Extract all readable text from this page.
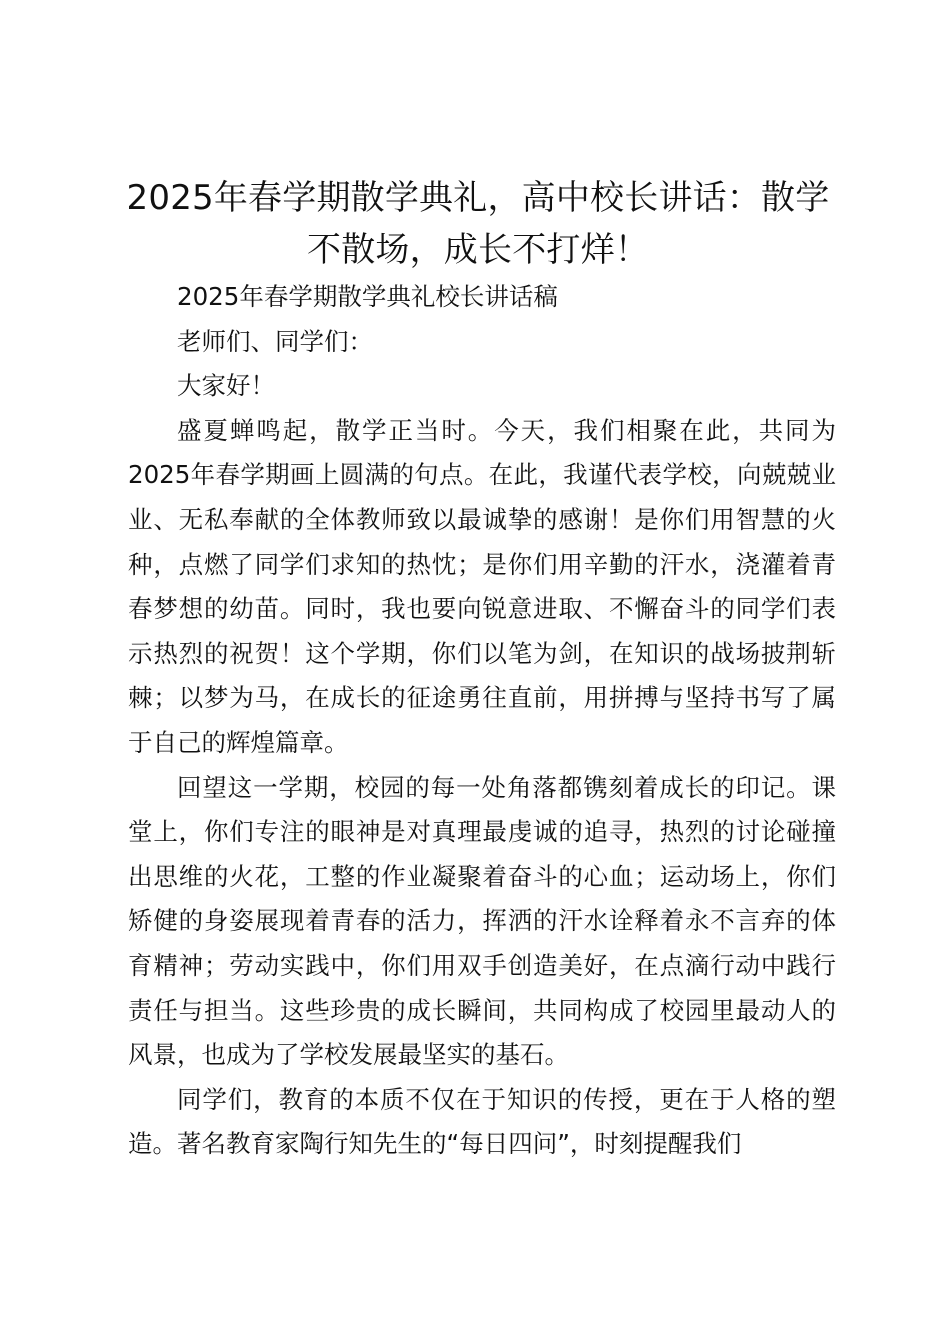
2025年春学期散学典礼，高中校长讲话：散学不散场，成长不打烊！

2025年春学期散学典礼校长讲话稿

老师们、同学们：

大家好！

盛夏蝉鸣起，散学正当时。今天，我们相聚在此，共同为2025年春学期画上圆满的句点。在此，我谨代表学校，向兢兢业业、无私奉献的全体教师致以最诚挚的感谢！是你们用智慧的火种，点燃了同学们求知的热忱；是你们用辛勤的汗水，浇灌着青春梦想的幼苗。同时，我也要向锐意进取、不懈奋斗的同学们表示热烈的祝贺！这个学期，你们以笔为剑，在知识的战场披荆斩棘；以梦为马，在成长的征途勇往直前，用拼搏与坚持书写了属于自己的辉煌篇章。

回望这一学期，校园的每一处角落都镌刻着成长的印记。课堂上，你们专注的眼神是对真理最虔诚的追寻，热烈的讨论碰撞出思维的火花，工整的作业凝聚着奋斗的心血；运动场上，你们矫健的身姿展现着青春的活力，挥洒的汗水诠释着永不言弃的体育精神；劳动实践中，你们用双手创造美好，在点滴行动中践行责任与担当。这些珍贵的成长瞬间，共同构成了校园里最动人的风景，也成为了学校发展最坚实的基石。

同学们，教育的本质不仅在于知识的传授，更在于人格的塑造。著名教育家陶行知先生的“每日四问”，时刻提醒我们
